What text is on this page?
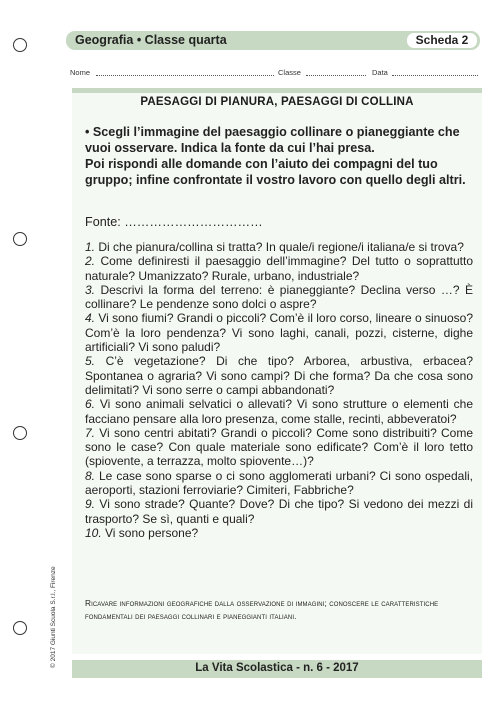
Geografia • Classe quarta	Scheda 2
Nome	Classe	Data
PAESAGGI DI PIANURA, PAESAGGI DI COLLINA
• Scegli l’immagine del paesaggio collinare o pianeggiante che vuoi osservare. Indica la fonte da cui l’hai presa.
Poi rispondi alle domande con l’aiuto dei compagni del tuo gruppo; infine confrontate il vostro lavoro con quello degli altri.
Fonte: ……………………………

1. Di che pianura/collina si tratta? In quale/i regione/i italiana/e si trova?

2. Come definiresti il paesaggio dell’immagine? Del tutto o soprattutto naturale? Umanizzato? Rurale, urbano, industriale?

3. Descrivi la forma del terreno: è pianeggiante? Declina verso …? È collinare? Le pendenze sono dolci o aspre?

4. Vi sono fiumi? Grandi o piccoli? Com’è il loro corso, lineare o sinuoso? Com’è la loro pendenza? Vi sono laghi, canali, pozzi, cisterne, dighe artificiali? Vi sono paludi?

5. C’è vegetazione? Di che tipo? Arborea, arbustiva, erbacea? Spontanea o agraria? Vi sono campi? Di che forma? Da che cosa sono delimitati? Vi sono serre o campi abbandonati?

6. Vi sono animali selvatici o allevati? Vi sono strutture o elementi che facciano pensare alla loro presenza, come stalle, recinti, abbeveratoi?

7. Vi sono centri abitati? Grandi o piccoli? Come sono distribuiti? Come sono le case? Con quale materiale sono edificate? Com’è il loro tetto (spiovente, a terrazza, molto spiovente…)?

8. Le case sono sparse o ci sono agglomerati urbani? Ci sono ospedali, aeroporti, stazioni ferroviarie? Cimiteri, Fabbriche?

9. Vi sono strade? Quante? Dove? Di che tipo? Si vedono dei mezzi di trasporto? Se sì, quanti e quali?

10. Vi sono persone?

Ricavare informazioni geografiche dalla osservazione di immagini; conoscere le caratteristiche fondamentali dei paesaggi collinari e pianeggianti italiani.
© 2017 Giunti Scuola S.r.l., Firenze	La Vita Scolastica - n. 6 - 2017
